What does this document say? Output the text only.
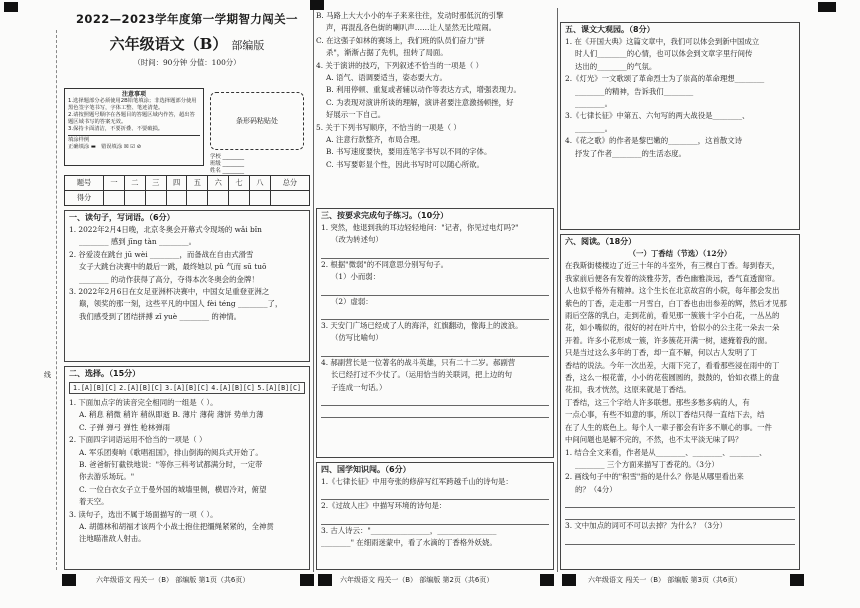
线
2022—2023学年度第一学期智力闯关一
六年级语文（B） 部编版
（时间：90分钟 分值：100分）
注意事项
1.选择题部分必须使用2B铅笔填涂；非选择题部分使用黑色签字笔书写，字体工整、笔迹清楚。
2.请按照题号顺序在各题目的答题区域内作答，超出答题区域书写的答案无效。
3.保持卡面清洁，不要折叠、不要破损。
填涂样例
正确填涂 ▬   错误填涂 ☒ ☑ ⊘
条形码粘贴处
学校 ________
班级 ________
姓名 ________
题号	一	二	三	四	五	六	七	八	总分
得分									
一、读句子，写词语。（6分）
1. 2022年2月4日晚，北京冬奥会开幕式令现场的 wǎi bǐn
________ 感到 jīng tàn ________。
2. 谷爱凌在跳台 jū wèi ________，而备战在自由式滑雪
女子大跳台决赛中的最后一跳，最终她以 pǔ 气而 sū tuō
________ 的动作获得了高分，夺得本次冬奥会的金牌！
3. 2022年2月6日在女足亚洲杯决赛中，中国女足重登亚洲之
巅，领奖的那一刻，这些平凡的中国人 fèi téng ________了，
我们感受到了团结拼搏 zǐ yuè ________ 的神情。
二、选择。（15分）
1.[A][B][C] 2.[A][B][C] 3.[A][B][C] 4.[A][B][C] 5.[A][B][C]
1. 下面加点字的读音完全相同的一组是（ ）。
A. 稍息 稍微 稍许 稍纵即逝 B. 薄片 薄荷 薄饼 势单力薄
C. 子弹 弹弓 弹性 枪林弹雨
2. 下面四字词语运用不恰当的一项是（ ）
A. 军乐团奏响《歌唱祖国》，排山倒海的阅兵式开始了。
B. 爸爸斩钉截铁地说："等你三科考试都满分时，一定带
你去游乐场玩。"
C. 一位白衣女子立于曼外国的城墙里侧，横眉冷对，俯望
着天空。
3. 读句子，选出不属于场面描写的一项（ ）。
A. 胡德林和胡福才该两个小战士抱住把缰绳紧紧的，全神贯
注地瞄准敌人射击。
B. 马路上大大小小的车子来来往往，发动时那低沉的引擎
声，再混乱各色街的喇叭声……让人显然无比喧闹。
C. 在这强子如林的赛场上，我们班的队员们奋力"拼
杀"，渐渐占据了先机，扭转了局面。
4. 关于演讲的技巧，下列叙述不恰当的一项是（ ）
A. 语气、语调要适当，姿态要大方。
B. 利用停顿、重复或者辅以动作等表达方式，增强表现力。
C. 为表现对演讲所谈的理解，演讲者要注意激扬顿挫，好
好展示一下自己。
5. 关于下列书写顺序，不恰当的一项是（ ）
A. 注意行款整齐，布局合理。
B. 书写速度要快，要用连笔字书写以不同的字体。
C. 书写要彰显个性，因此书写时可以随心所欲。
三、按要求完成句子练习。（10分）
1. 突然，他退到我的耳边轻轻地问："记者，你见过电灯吗?"
（改为转述句）
2. 根据"微弱"的不同意思分别写句子。
（1）小而弱：
（2）虚弱：
3. 天安门广场已经成了人的海洋，红旗翻动，像海上的波浪。
（仿写比喻句）
4. 郝副营长是一位著名的战斗英雄，只有二十二岁。郝副营
长已经打过不少仗了。（运用恰当的关联词，把上边的句
子连成一句话。）
四、国学知识闯。（6分）
1.《七律长征》中用夸张的修辞写红军跨越千山的诗句是：
2.《过故人庄》中描写环境的诗句是：
3. 古人诗云："________________，________________
________" 在细雨迷蒙中，看了水滴的丁香格外妖娆。
五、课文大观园。（8分）
1. 在《开国大典》这篇文章中，我们可以体会到新中国成立
时人们________的心情，也可以体会到文章字里行间传
达出的________的气氛。
2.《灯光》一文歌颂了革命烈士为了崇高的革命理想________
________的精神，告诉我们________
________。
3.《七律长征》中第五、六句写的两大战役是________、
________。
4.《花之歌》的作者是黎巴嫩的________，这首散文诗
抒发了作者________的生活态度。
六、阅读。（18分）
（一）丁香结（节选）（12分）
在我斯街楼楼边了近三十年的斗室外，有三棵白丁香。每到春天，
我家前后便各有发着的淡雅芬芳，香色幽雅淡远，香气直透窗帘。
人也似乎格外有精神。这个生长在北京故宫的小院，每年都会发出
紫色的丁香，走走那一月雪白，白丁香也由出参差的辉，然后才见那
雨后空落的乳白，走到花前，看见那一簇簇十字小白花，一丛丛的
花，如小嘴似的，很好的衬在叶片中，恰似小的公主花一朵去一朵
开着。许多小花形成一簇，许多簇花开满一树，遮掩着我的窗。
只是当过这么多年的丁香，却一直不解，何以古人发明了丁
香结的说法。今年一次出差，大雨下完了，看看那些浸在雨中的丁
香，这么一根花蕾，小小的花苞圆圆的，鼓鼓的，恰如衣襟上的盘
花扣，我才恍然，这原来就是丁香结。
丁香结，这三个字给人许多联想。那些多愁多病的人，有
一点心事，有些不如意的事，所以丁香结只得一直结下去，结
在了人生的底色上。每个人一辈子都会有许多不顺心的事。一件
中间问题也是解不完的，不然，也不太平淡无味了吗？
1. 结合全文来看，作者是从________、________、________、
________ 三个方面来描写丁香花的。（3分）
2. 画线句子中的"积雪"指的是什么？你是从哪里看出来
的？（4分）
3. 文中加点的词可不可以去掉？为什么？（3分）
六年级语文 闯关一（B） 部编版 第1页（共6页）	六年级语文 闯关一（B） 部编版 第2页（共6页）	六年级语文 闯关一（B） 部编版 第3页（共6页）
